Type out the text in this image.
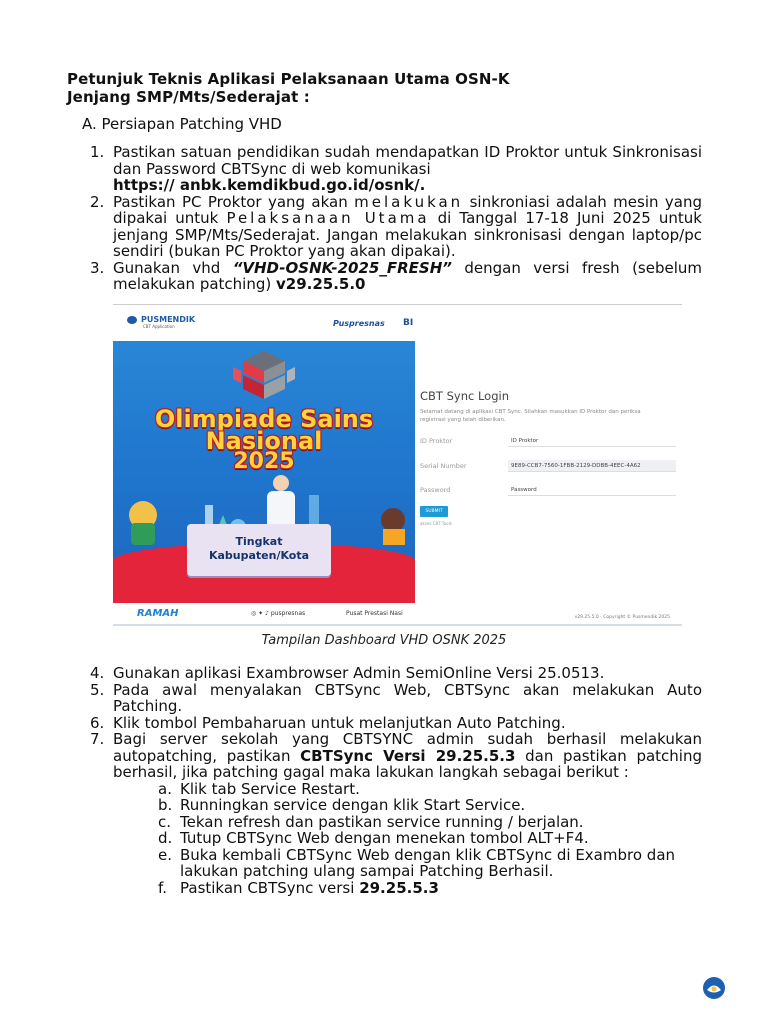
Petunjuk Teknis Aplikasi Pelaksanaan Utama OSN-K
Jenjang SMP/Mts/Sederajat :
A. Persiapan Patching VHD
1. Pastikan satuan pendidikan sudah mendapatkan ID Proktor untuk Sinkronisasi dan Password CBTSync di web komunikasi
https:// anbk.kemdikbud.go.id/osnk/.
2. Pastikan PC Proktor yang akan melakukan sinkroniasi adalah mesin yang dipakai untuk Pelaksanaan Utama di Tanggal 17-18 Juni 2025 untuk jenjang SMP/Mts/Sederajat. Jangan melakukan sinkronisasi dengan laptop/pc sendiri (bukan PC Proktor yang akan dipakai).
3. Gunakan vhd “VHD-OSNK-2025_FRESH” dengan versi fresh (sebelum melakukan patching) v29.25.5.0
PUSMENDIK
CBT Application	Puspresnas BI
Olimpiade Sains
Nasional
2025
Tingkat
Kabupaten/Kota
RAMAH	◎ ✦ ♪ puspresnas	Pusat Prestasi Nasi
CBT Sync Login
Selamat datang di aplikasi CBT Sync. Silahkan masukkan ID Proktor dan periksa registrasi yang telah diberikan.
ID Proktor	ID Proktor
Serial Number	9E89-CCB7-7560-1FBB-2129-DDBB-4EEC-4A62
Password	Password
SUBMIT
akses CBT Tools
v29.25.5.0 - Copyright © Pusmendik 2025
Tampilan Dashboard VHD OSNK 2025
4. Gunakan aplikasi Exambrowser Admin SemiOnline Versi 25.0513.
5. Pada awal menyalakan CBTSync Web, CBTSync akan melakukan Auto Patching.
6. Klik tombol Pembaharuan untuk melanjutkan Auto Patching.
7. Bagi server sekolah yang CBTSYNC admin sudah berhasil melakukan autopatching, pastikan CBTSync Versi 29.25.5.3 dan pastikan patching berhasil, jika patching gagal maka lakukan langkah sebagai berikut :
a. Klik tab Service Restart.
b. Runningkan service dengan klik Start Service.
c. Tekan refresh dan pastikan service running / berjalan.
d. Tutup CBTSync Web dengan menekan tombol ALT+F4.
e. Buka kembali CBTSync Web dengan klik CBTSync di Exambro dan lakukan patching ulang sampai Patching Berhasil.
f. Pastikan CBTSync versi 29.25.5.3
